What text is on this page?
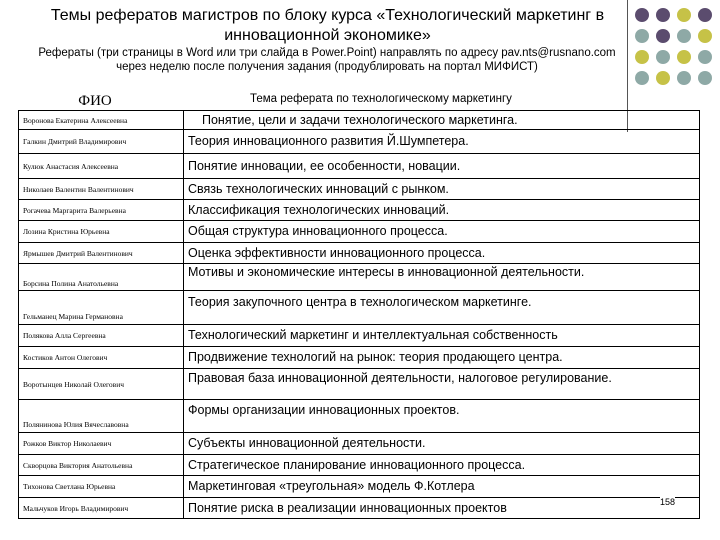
Темы рефератов магистров по блоку курса «Технологический маркетинг в инновационной экономике»
Рефераты (три страницы в Word или три слайда в Power.Point) направлять по адресу pav.nts@rusnano.com через неделю после получения задания (продублировать на портал МИФИСТ)
ФИО	Тема реферата по технологическому маркетингу
Воронова Екатерина Алексеевна	Понятие, цели и задачи технологического маркетинга.
Галкин Дмитрий Владимирович	Теория инновационного развития Й.Шумпетера.
Кулюк Анастасия Алексеевна	Понятие инновации, ее особенности, новации.
Николаев Валентин Валентинович	Связь технологических инноваций с рынком.
Рогачева Маргарита Валерьевна	Классификация технологических инноваций.
Лозина Кристина Юрьевна	Общая структура инновационного процесса.
Ярмышев Дмитрий Валентинович	Оценка эффективности инновационного процесса.
Борсина Полина Анатольевна	Мотивы и экономические интересы в инновационной деятельности.
Гельманец Марина Германовна	Теория закупочного центра в технологическом маркетинге.
Полякова Алла Сергеевна	Технологический маркетинг и интеллектуальная собственность
Костиков Антон Олегович	Продвижение технологий на рынок: теория продающего центра.
Воротынцев Николай Олегович	Правовая база инновационной деятельности, налоговое регулирование.
Полянинова Юлия Вячеславовна	Формы организации инновационных проектов.
Рожков Виктор Николаевич	Субъекты инновационной деятельности.
Скворцова Виктория Анатольевна	Стратегическое планирование инновационного процесса.
Тихонова Светлана Юрьевна	Маркетинговая «треугольная» модель Ф.Котлера
Мальчуков Игорь Владимирович	Понятие риска в реализации инновационных проектов	158
